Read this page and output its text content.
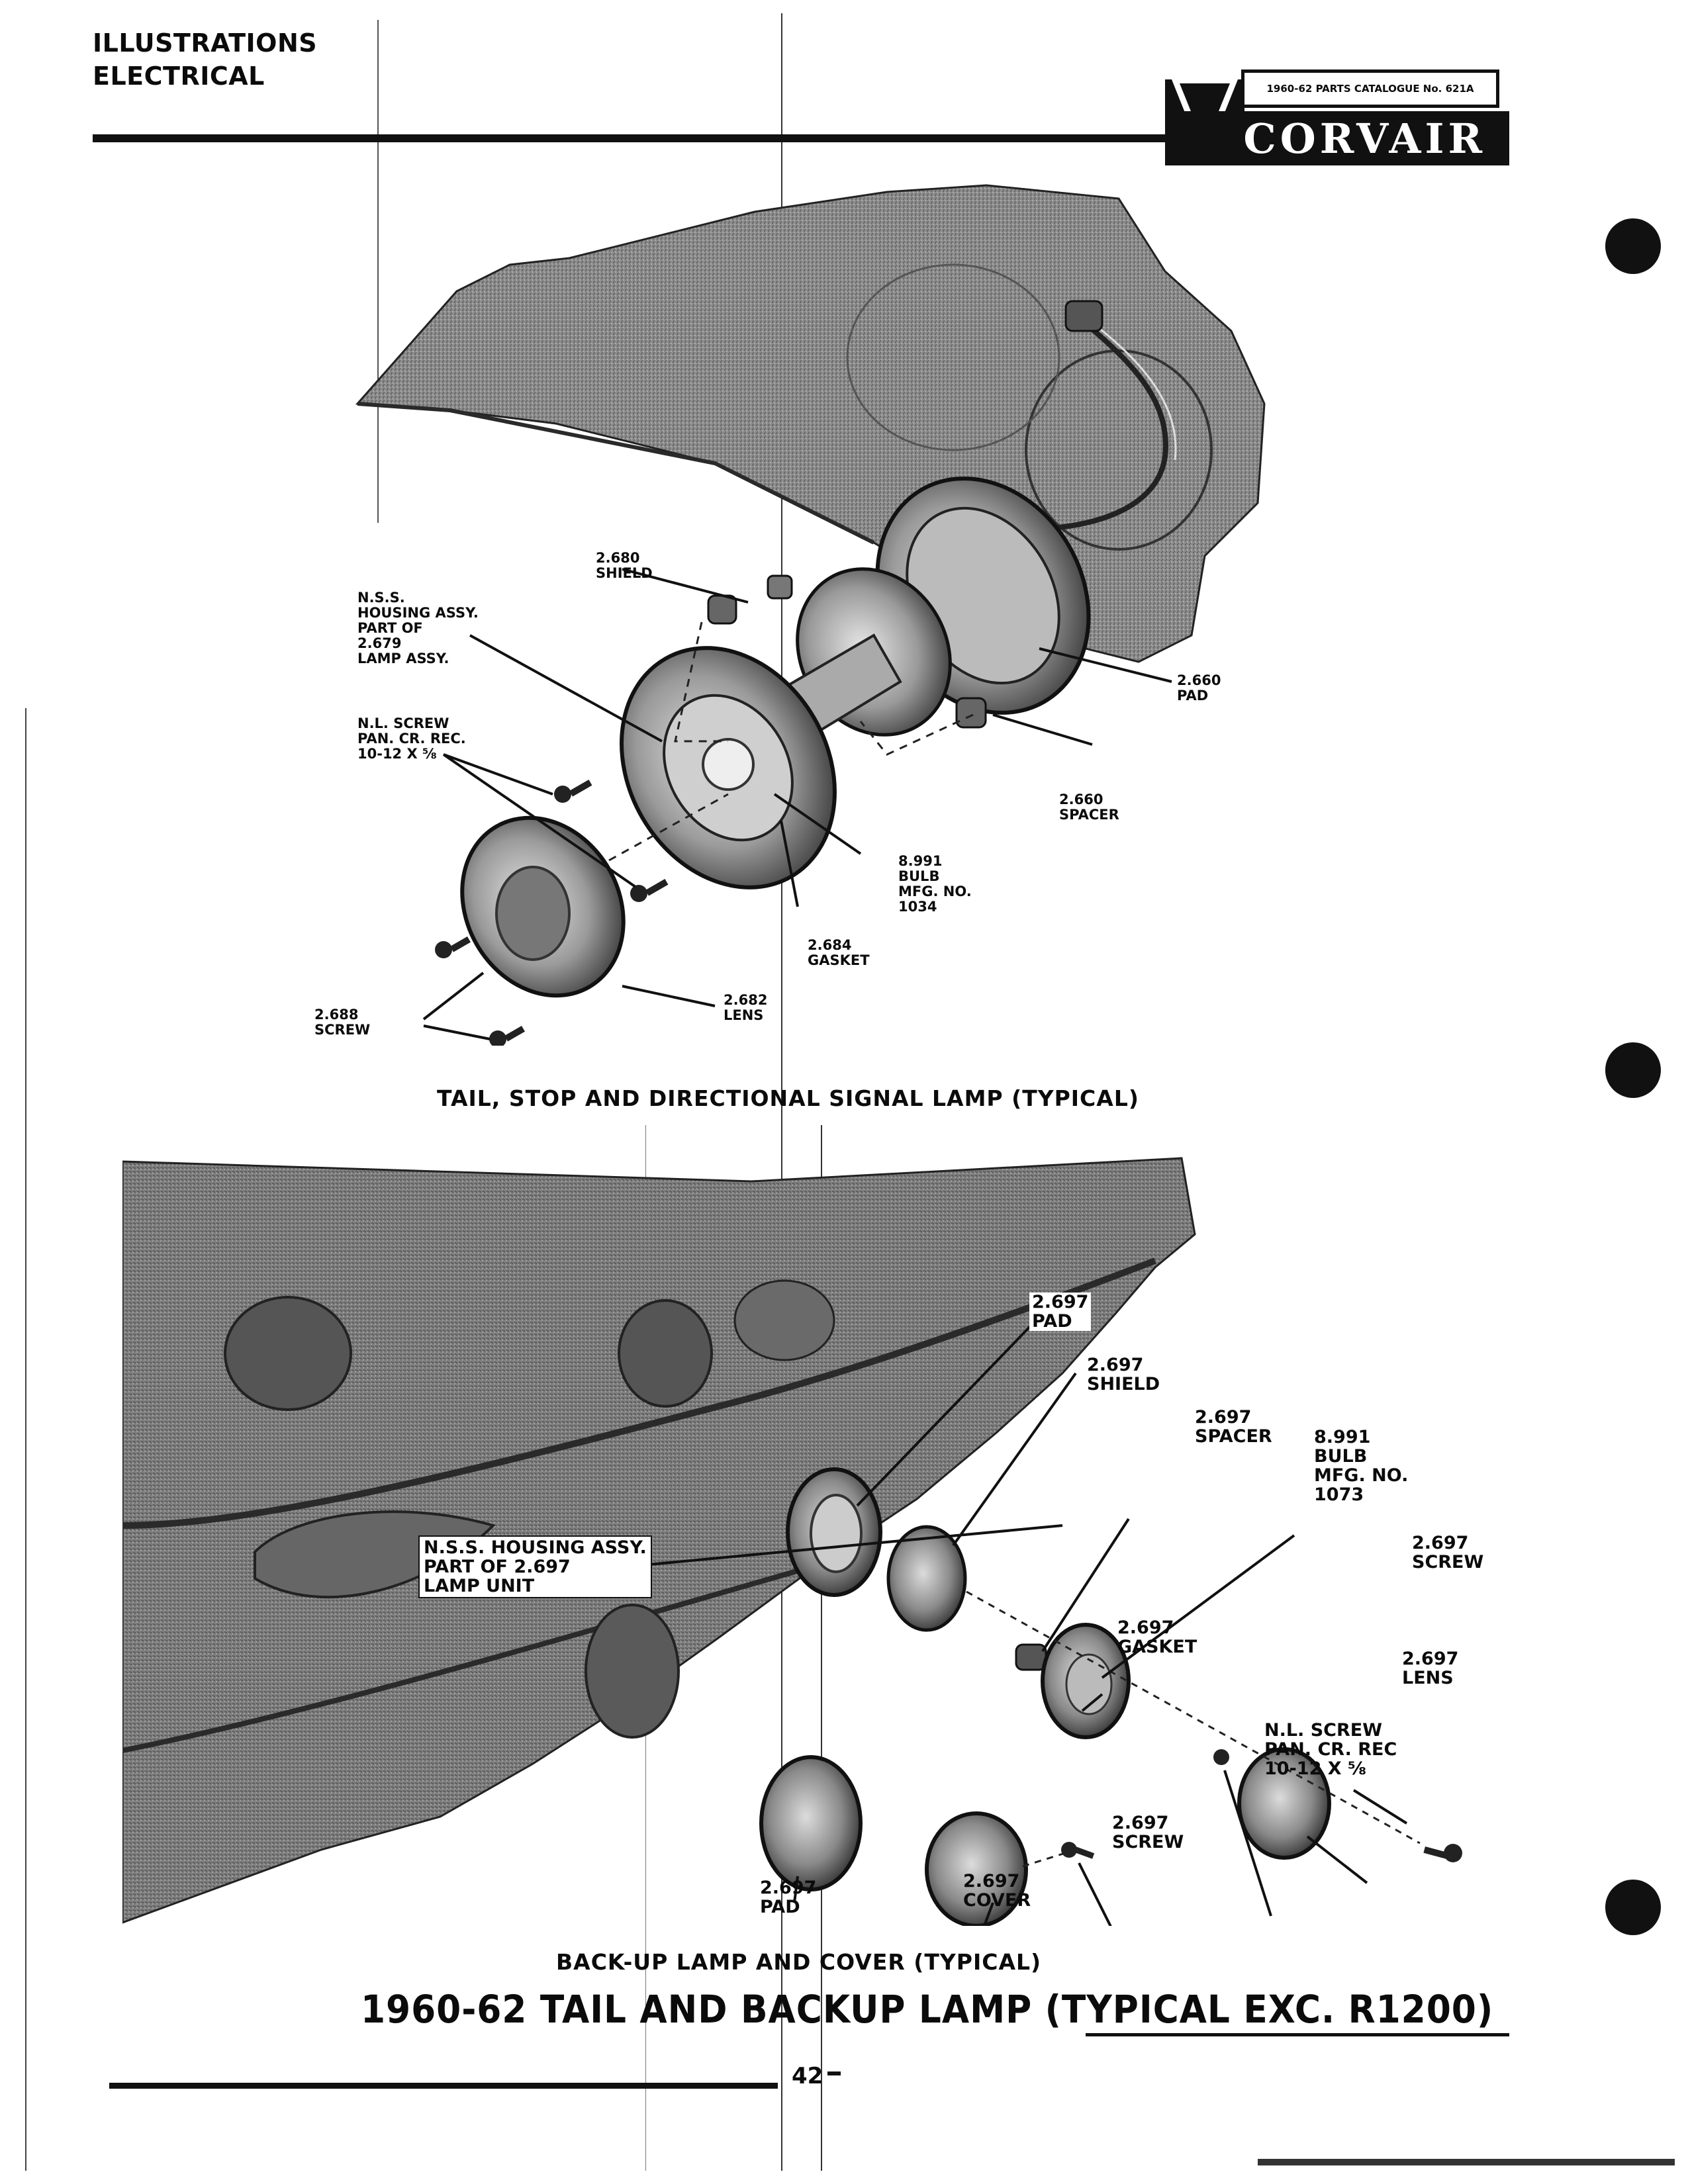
ILLUSTRATIONS
ELECTRICAL	1960-62 PARTS CATALOGUE No. 621A
CORVAIR
2.680
SHIELD
N.S.S.
HOUSING ASSY.
PART OF
2.679
LAMP ASSY.
N.L. SCREW
PAN. CR. REC.
10-12 X ⅝
2.660
PAD
2.660
SPACER
8.991
BULB
MFG. NO.
1034
2.684
GASKET
2.682
LENS
2.688
SCREW
TAIL, STOP AND DIRECTIONAL SIGNAL LAMP (TYPICAL)
2.697
PAD
2.697
SHIELD
2.697
SPACER 8.991
BULB
MFG. NO.
1073
N.S.S. HOUSING ASSY.
PART OF 2.697
LAMP UNIT
2.697
SCREW
2.697
GASKET
2.697
LENS
N.L. SCREW
PAN. CR. REC
10-12 X ⅝
2.697
SCREW
2.697
PAD
2.697
COVER
BACK-UP LAMP AND COVER (TYPICAL)
1960-62 TAIL AND BACKUP LAMP (TYPICAL EXC. R1200)
42
